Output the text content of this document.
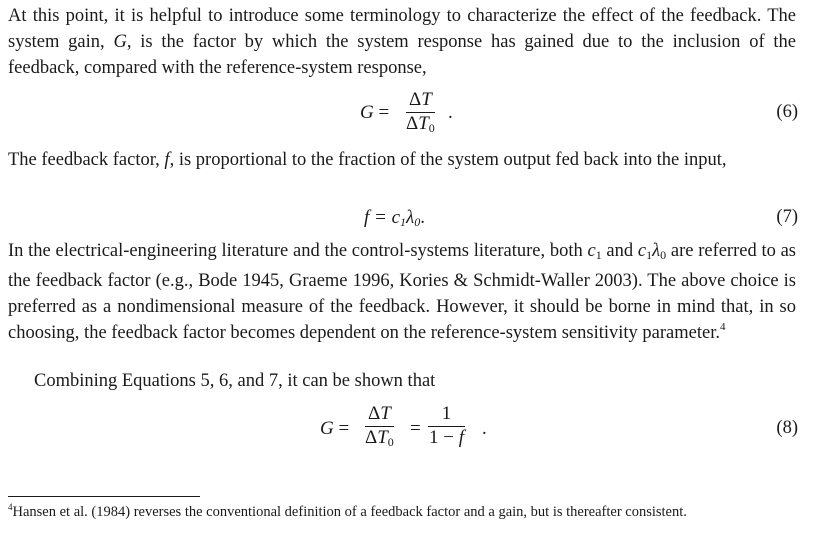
At this point, it is helpful to introduce some terminology to characterize the effect of the feedback. The system gain, G, is the factor by which the system response has gained due to the inclusion of the feedback, compared with the reference-system response,

$G = \frac{\Delta T}{\Delta T_0}$ .	(6)

The feedback factor, f, is proportional to the fraction of the system output fed back into the input,

$f = c_1\lambda_0$.	(7)

In the electrical-engineering literature and the control-systems literature, both $c_1$ and $c_1\lambda_0$ are referred to as the feedback factor (e.g., Bode 1945, Graeme 1996, Kories & Schmidt-Waller 2003). The above choice is preferred as a nondimensional measure of the feedback. However, it should be borne in mind that, in so choosing, the feedback factor becomes dependent on the reference-system sensitivity parameter.$^4$

Combining Equations 5, 6, and 7, it can be shown that

$G = \frac{\Delta T}{\Delta T_0} = \frac{1}{1 - f}$ .	(8)
$^4$Hansen et al. (1984) reverses the conventional definition of a feedback factor and a gain, but is thereafter consistent.
